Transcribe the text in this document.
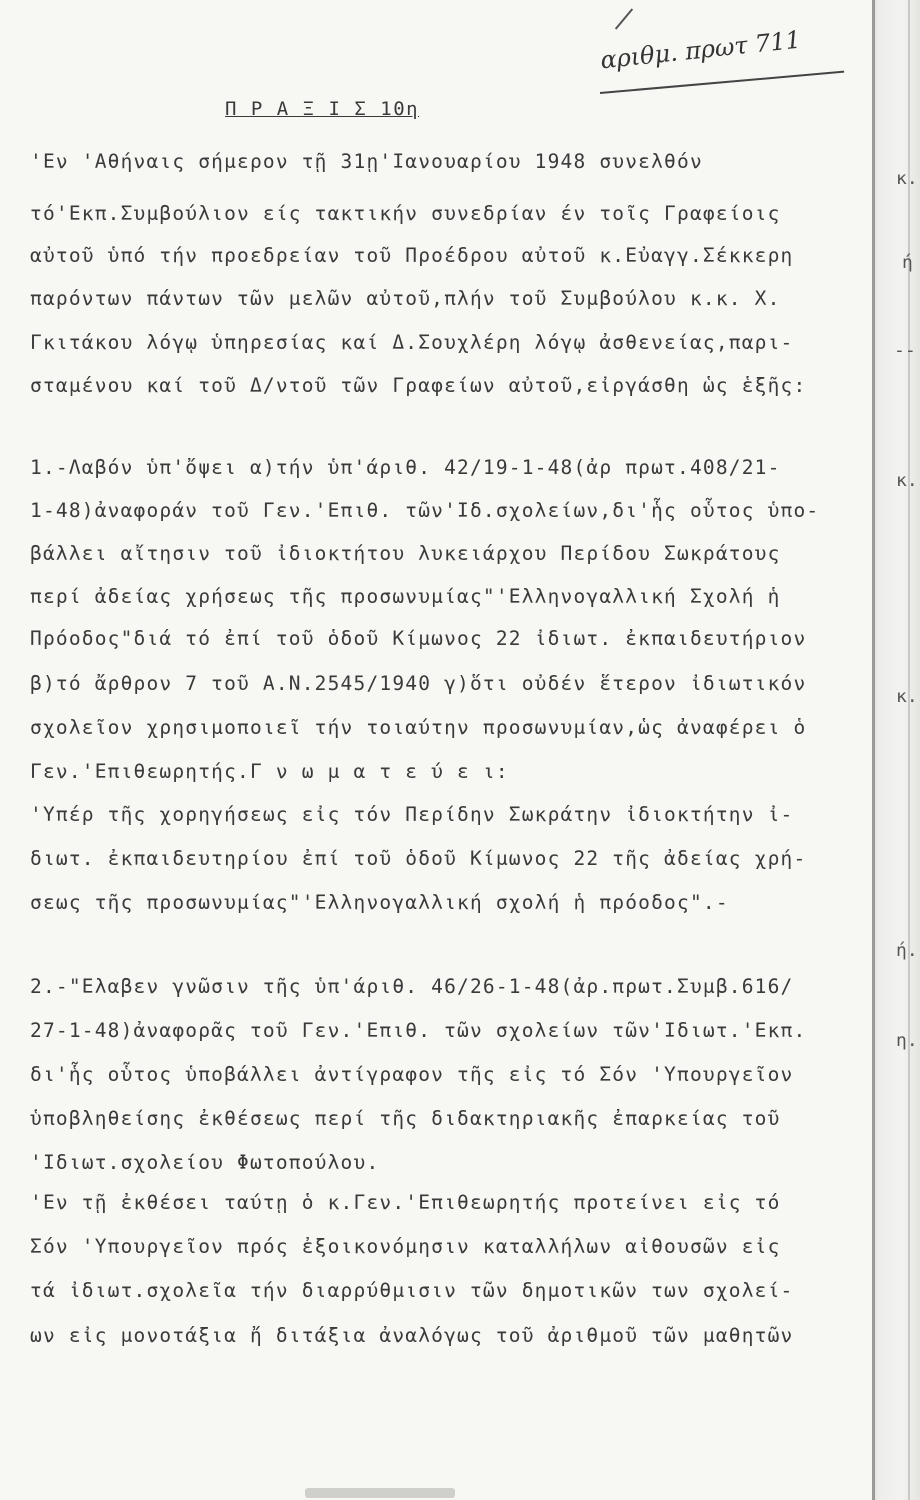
αριθμ. πρωτ 711
Π Ρ Α Ξ Ι Σ 10η
'Εν 'Αθήναις σήμερον τῇ 31ῃ'Ιανουαρίου 1948 συνελθόν
τό'Εκπ.Συμβούλιον είς τακτικήν συνεδρίαν έν τοῖς Γραφείοις
αὐτοῦ ὑπό τήν προεδρείαν τοῦ Προέδρου αὐτοῦ κ.Εὐαγγ.Σέκκερη
παρόντων πάντων τῶν μελῶν αὐτοῦ,πλήν τοῦ Συμβούλου κ.κ. Χ.
Γκιτάκου λόγῳ ὑπηρεσίας καί Δ.Σουχλέρη λόγῳ ἀσθενείας,παρι-
σταμένου καί τοῦ Δ/ντοῦ τῶν Γραφείων αὐτοῦ,εἰργάσθη ὡς ἑξῆς:
1.-Λαβόν ὑπ'ὄψει α)τήν ὑπ'άριθ. 42/19-1-48(ἀρ πρωτ.408/21-
1-48)ἀναφοράν τοῦ Γεν.'Επιθ. τῶν'Ιδ.σχολείων,δι'ἧς οὗτος ὑπο-
βάλλει αἴτησιν τοῦ ἰδιοκτήτου λυκειάρχου Περίδου Σωκράτους
περί ἀδείας χρήσεως τῆς προσωνυμίας"'Ελληνογαλλική Σχολή ἡ
Πρόοδος"διά τό ἐπί τοῦ ὁδοῦ Κίμωνος 22 ἰδιωτ. ἐκπαιδευτήριον
β)τό ἄρθρον 7 τοῦ Α.Ν.2545/1940 γ)ὅτι οὐδέν ἕτερον ἰδιωτικόν
σχολεῖον χρησιμοποιεῖ τήν τοιαύτην προσωνυμίαν,ὡς ἀναφέρει ὁ
Γεν.'Επιθεωρητής.Γ ν ω μ α τ ε ύ ε ι:
'Υπέρ τῆς χορηγήσεως εἰς τόν Περίδην Σωκράτην ἰδιοκτήτην ἰ-
διωτ. ἐκπαιδευτηρίου ἐπί τοῦ ὁδοῦ Κίμωνος 22 τῆς ἀδείας χρή-
σεως τῆς προσωνυμίας"'Ελληνογαλλική σχολή ἡ πρόοδος".-
2.-"Ελαβεν γνῶσιν τῆς ὑπ'άριθ. 46/26-1-48(ἀρ.πρωτ.Συμβ.616/
27-1-48)ἀναφορᾶς τοῦ Γεν.'Επιθ. τῶν σχολείων τῶν'Ιδιωτ.'Εκπ.
δι'ἧς οὗτος ὑποβάλλει ἀντίγραφον τῆς εἰς τό Σόν 'Υπουργεῖον
ὑποβληθείσης ἐκθέσεως περί τῆς διδακτηριακῆς ἐπαρκείας τοῦ
'Ιδιωτ.σχολείου Φωτοπούλου.
'Εν τῇ ἐκθέσει ταύτῃ ὁ κ.Γεν.'Επιθεωρητής προτείνει εἰς τό
Σόν 'Υπουργεῖον πρός ἐξοικονόμησιν καταλλήλων αἰθουσῶν εἰς
τά ἰδιωτ.σχολεῖα τήν διαρρύθμισιν τῶν δημοτικῶν των σχολεί-
ων εἰς μονοτάξια ἤ διτάξια ἀναλόγως τοῦ ἀριθμοῦ τῶν μαθητῶν
κ.
ή
--
κ.
κ.
ή.
η.
